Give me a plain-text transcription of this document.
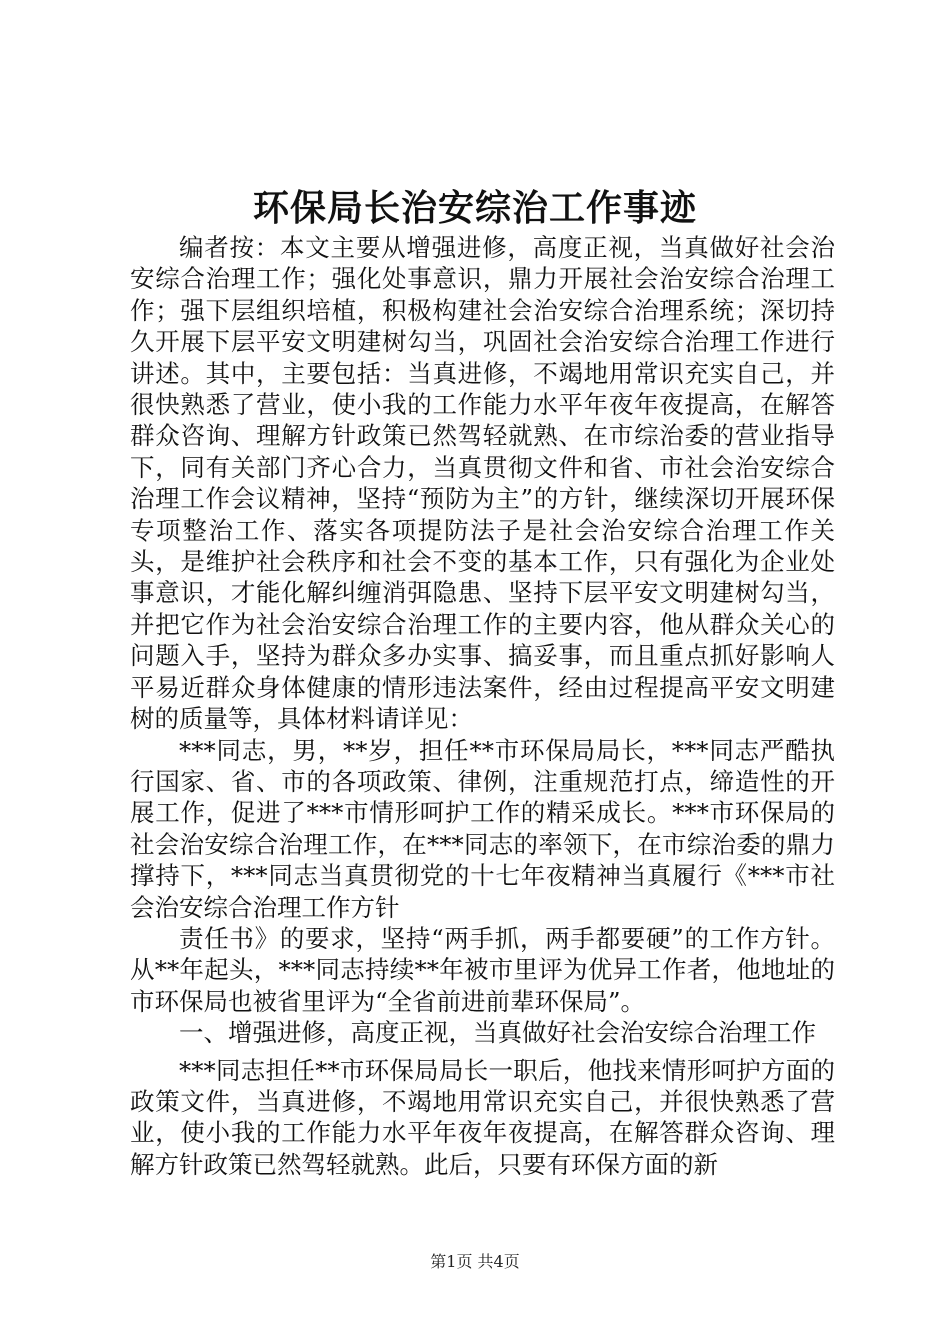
环保局长治安综治工作事迹

编者按：本文主要从增强进修，高度正视，当真做好社会治安综合治理工作；强化处事意识，鼎力开展社会治安综合治理工作；强下层组织培植，积极构建社会治安综合治理系统；深切持久开展下层平安文明建树勾当，巩固社会治安综合治理工作进行讲述。其中，主要包括：当真进修，不竭地用常识充实自己，并很快熟悉了营业，使小我的工作能力水平年夜年夜提高，在解答群众咨询、理解方针政策已然驾轻就熟、在市综治委的营业指导下，同有关部门齐心合力，当真贯彻文件和省、市社会治安综合治理工作会议精神，坚持“预防为主”的方针，继续深切开展环保专项整治工作、落实各项提防法子是社会治安综合治理工作关头，是维护社会秩序和社会不变的基本工作，只有强化为企业处事意识，才能化解纠缠消弭隐患、坚持下层平安文明建树勾当，并把它作为社会治安综合治理工作的主要内容，他从群众关心的问题入手，坚持为群众多办实事、搞妥事，而且重点抓好影响人平易近群众身体健康的情形违法案件，经由过程提高平安文明建树的质量等，具体材料请详见：

***同志，男，**岁，担任**市环保局局长，***同志严酷执行国家、省、市的各项政策、律例，注重规范打点，缔造性的开展工作，促进了***市情形呵护工作的精采成长。***市环保局的社会治安综合治理工作，在***同志的率领下，在市综治委的鼎力撑持下，***同志当真贯彻党的十七年夜精神当真履行《***市社会治安综合治理工作方针

责任书》的要求，坚持“两手抓，两手都要硬”的工作方针。从**年起头，***同志持续**年被市里评为优异工作者，他地址的市环保局也被省里评为“全省前进前辈环保局”。

一、增强进修，高度正视，当真做好社会治安综合治理工作

***同志担任**市环保局局长一职后，他找来情形呵护方面的政策文件，当真进修，不竭地用常识充实自己，并很快熟悉了营业，使小我的工作能力水平年夜年夜提高，在解答群众咨询、理解方针政策已然驾轻就熟。此后，只要有环保方面的新

第1页 共4页
